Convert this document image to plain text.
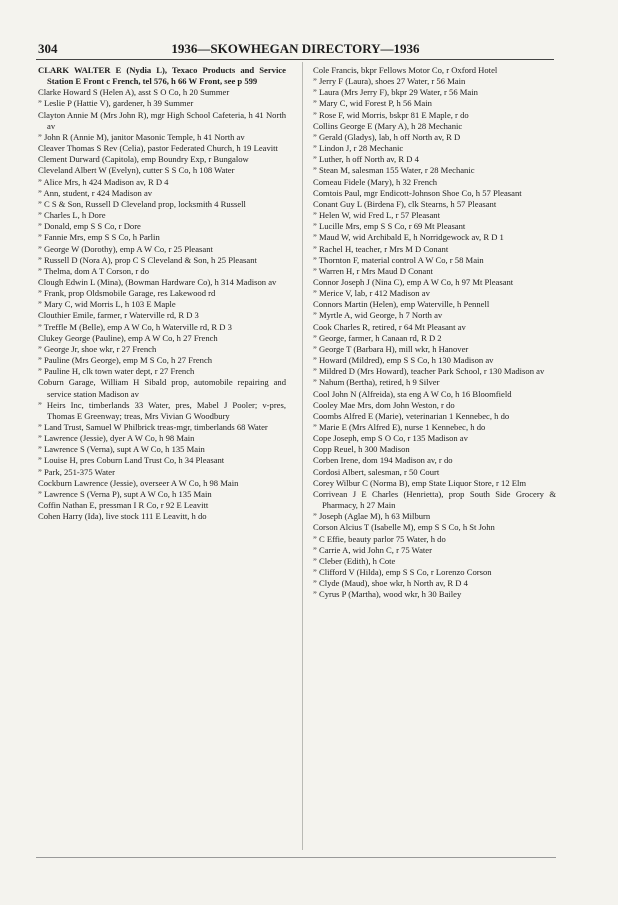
304	1936—SKOWHEGAN DIRECTORY—1936
CLARK WALTER E (Nydia L), Texaco Products and Service Station E Front c French, tel 576, h 66 W Front, see p 599
Clarke Howard S (Helen A), asst S O Co, h 20 Summer
” Leslie P (Hattie V), gardener, h 39 Summer
Clayton Annie M (Mrs John R), mgr High School Cafeteria, h 41 North av
” John R (Annie M), janitor Masonic Temple, h 41 North av
Cleaver Thomas S Rev (Celia), pastor Federated Church, h 19 Leavitt
Clement Durward (Capitola), emp Boundry Exp, r Bungalow
Cleveland Albert W (Evelyn), cutter S S Co, h 108 Water
” Alice Mrs, h 424 Madison av, R D 4
” Ann, student, r 424 Madison av
” C S & Son, Russell D Cleveland prop, locksmith 4 Russell
” Charles L, h Dore
” Donald, emp S S Co, r Dore
” Fannie Mrs, emp S S Co, h Parlin
” George W (Dorothy), emp A W Co, r 25 Pleasant
” Russell D (Nora A), prop C S Cleveland & Son, h 25 Pleasant
” Thelma, dom A T Corson, r do
Clough Edwin L (Mina), (Bowman Hardware Co), h 314 Madison av
” Frank, prop Oldsmobile Garage, res Lakewood rd
” Mary C, wid Morris L, h 103 E Maple
Clouthier Emile, farmer, r Waterville rd, R D 3
” Treffle M (Belle), emp A W Co, h Waterville rd, R D 3
Clukey George (Pauline), emp A W Co, h 27 French
” George Jr, shoe wkr, r 27 French
” Pauline (Mrs George), emp M S Co, h 27 French
” Pauline H, clk town water dept, r 27 French
Coburn Garage, William H Sibald prop, automobile repairing and service station Madison av
” Heirs Inc, timberlands 33 Water, pres, Mabel J Pooler; v-pres, Thomas E Greenway; treas, Mrs Vivian G Woodbury
” Land Trust, Samuel W Philbrick treas-mgr, timberlands 68 Water
” Lawrence (Jessie), dyer A W Co, h 98 Main
” Lawrence S (Verna), supt A W Co, h 135 Main
” Louise H, pres Coburn Land Trust Co, h 34 Pleasant
” Park, 251-375 Water
Cockburn Lawrence (Jessie), overseer A W Co, h 98 Main
” Lawrence S (Verna P), supt A W Co, h 135 Main
Coffin Nathan E, pressman I R Co, r 92 E Leavitt
Cohen Harry (Ida), live stock 111 E Leavitt, h do
Cole Francis, bkpr Fellows Motor Co, r Oxford Hotel
” Jerry F (Laura), shoes 27 Water, r 56 Main
” Laura (Mrs Jerry F), bkpr 29 Water, r 56 Main
” Mary C, wid Forest P, h 56 Main
” Rose F, wid Morris, bskpr 81 E Maple, r do
Collins George E (Mary A), h 28 Mechanic
” Gerald (Gladys), lab, h off North av, R D
” Lindon J, r 28 Mechanic
” Luther, h off North av, R D 4
” Stean M, salesman 155 Water, r 28 Mechanic
Comeau Fidele (Mary), h 32 French
Comtois Paul, mgr Endicott-Johnson Shoe Co, h 57 Pleasant
Conant Guy L (Birdena F), clk Stearns, h 57 Pleasant
” Helen W, wid Fred L, r 57 Pleasant
” Lucille Mrs, emp S S Co, r 69 Mt Pleasant
” Maud W, wid Archibald E, h Norridgewock av, R D 1
” Rachel H, teacher, r Mrs M D Conant
” Thornton F, material control A W Co, r 58 Main
” Warren H, r Mrs Maud D Conant
Connor Joseph J (Nina C), emp A W Co, h 97 Mt Pleasant
” Merice V, lab, r 412 Madison av
Connors Martin (Helen), emp Waterville, h Pennell
” Myrtle A, wid George, h 7 North av
Cook Charles R, retired, r 64 Mt Pleasant av
” George, farmer, h Canaan rd, R D 2
” George T (Barbara H), mill wkr, h Hanover
” Howard (Mildred), emp S S Co, h 130 Madison av
” Mildred D (Mrs Howard), teacher Park School, r 130 Madison av
” Nahum (Bertha), retired, h 9 Silver
Cool John N (Alfreida), sta eng A W Co, h 16 Bloomfield
Cooley Mae Mrs, dom John Weston, r do
Coombs Alfred E (Marie), veterinarian 1 Kennebec, h do
” Marie E (Mrs Alfred E), nurse 1 Kennebec, h do
Cope Joseph, emp S O Co, r 135 Madison av
Copp Reuel, h 300 Madison
Corben Irene, dom 194 Madison av, r do
Cordosi Albert, salesman, r 50 Court
Corey Wilbur C (Norma B), emp State Liquor Store, r 12 Elm
Corrivean J E Charles (Henrietta), prop South Side Grocery & Pharmacy, h 27 Main
” Joseph (Aglae M), h 63 Milburn
Corson Alcius T (Isabelle M), emp S S Co, h St John
” C Effie, beauty parlor 75 Water, h do
” Carrie A, wid John C, r 75 Water
” Cleber (Edith), h Cote
” Clifford V (Hilda), emp S S Co, r Lorenzo Corson
” Clyde (Maud), shoe wkr, h North av, R D 4
” Cyrus P (Martha), wood wkr, h 30 Bailey
